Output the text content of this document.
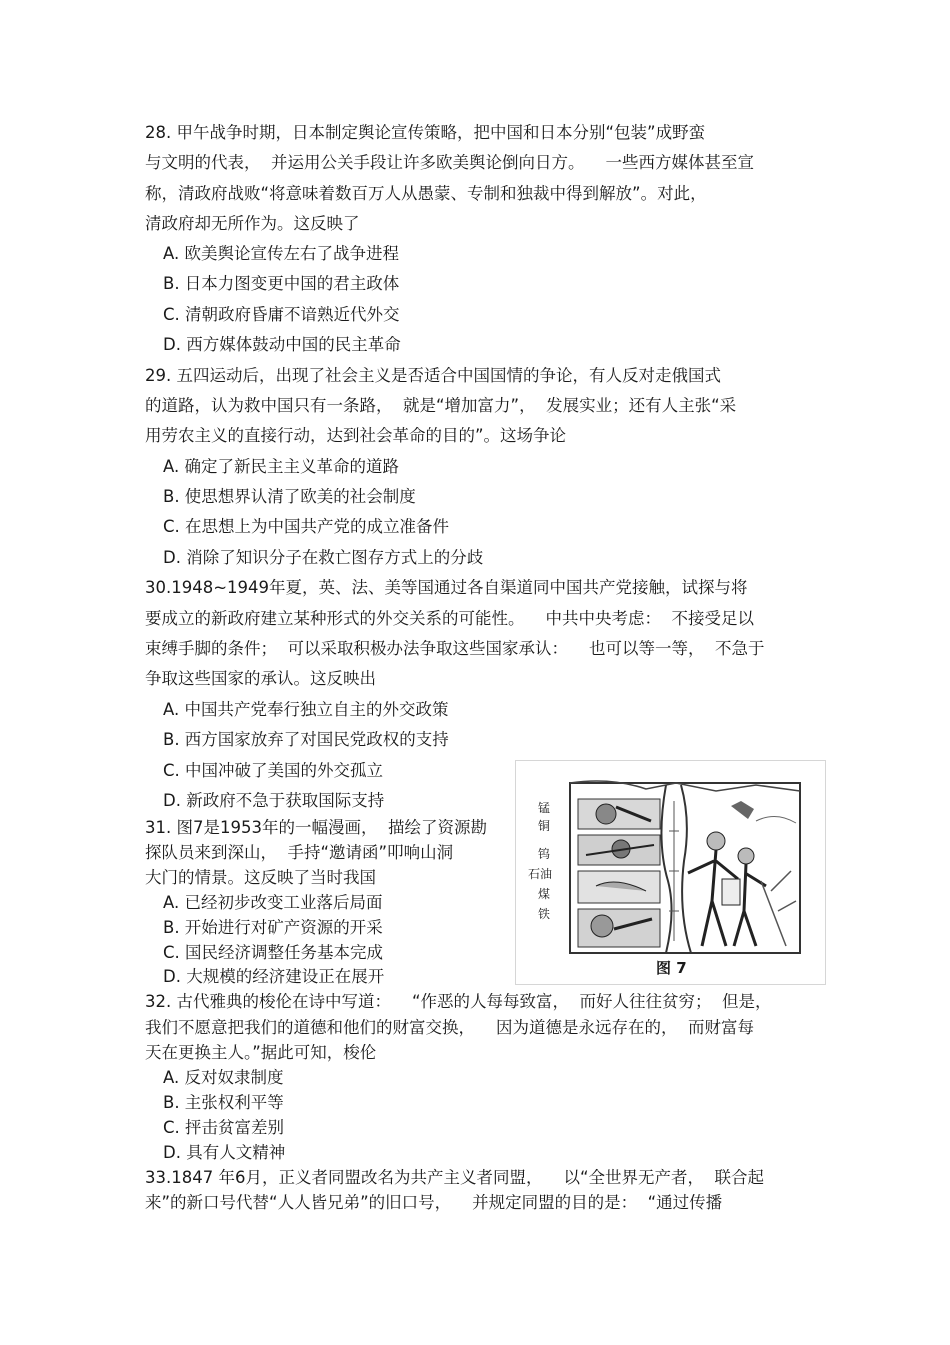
28. 甲午战争时期，日本制定舆论宣传策略，把中国和日本分别“包装”成野蛮
与文明的代表，  并运用公关手段让许多欧美舆论倒向日方。    一些西方媒体甚至宣
称，清政府战败“将意味着数百万人从愚蒙、专制和独裁中得到解放”。对此，
清政府却无所作为。这反映了
A. 欧美舆论宣传左右了战争进程
B. 日本力图变更中国的君主政体
C. 清朝政府昏庸不谙熟近代外交
D. 西方媒体鼓动中国的民主革命
29. 五四运动后，出现了社会主义是否适合中国国情的争论，有人反对走俄国式
的道路，认为救中国只有一条路，  就是“增加富力”，  发展实业；还有人主张“采
用劳农主义的直接行动，达到社会革命的目的”。这场争论
A. 确定了新民主主义革命的道路
B. 使思想界认清了欧美的社会制度
C. 在思想上为中国共产党的成立准备件
D. 消除了知识分子在救亡图存方式上的分歧
30.1948~1949年夏，英、法、美等国通过各自渠道同中国共产党接触，试探与将
要成立的新政府建立某种形式的外交关系的可能性。    中共中央考虑：  不接受足以
束缚手脚的条件；  可以采取积极办法争取这些国家承认：    也可以等一等，  不急于
争取这些国家的承认。这反映出
A. 中国共产党奉行独立自主的外交政策
B. 西方国家放弃了对国民党政权的支持
C. 中国冲破了美国的外交孤立
D. 新政府不急于获取国际支持
31. 图7是1953年的一幅漫画，  描绘了资源勘
探队员来到深山，  手持“邀请函”叩响山洞
大门的情景。这反映了当时我国
A. 已经初步改变工业落后局面
B. 开始进行对矿产资源的开采
C. 国民经济调整任务基本完成
D. 大规模的经济建设正在展开
锰
铜
钨
石油
煤
铁
图 7
32. 古代雅典的梭伦在诗中写道：    “作恶的人每每致富，  而好人往往贫穷；  但是，
我们不愿意把我们的道德和他们的财富交换，    因为道德是永远存在的，  而财富每
天在更换主人。”据此可知，梭伦
A. 反对奴隶制度
B. 主张权利平等
C. 抨击贫富差别
D. 具有人文精神
33.1847 年6月，正义者同盟改名为共产主义者同盟，    以“全世界无产者，  联合起
来”的新口号代替“人人皆兄弟”的旧口号，    并规定同盟的目的是：  “通过传播
